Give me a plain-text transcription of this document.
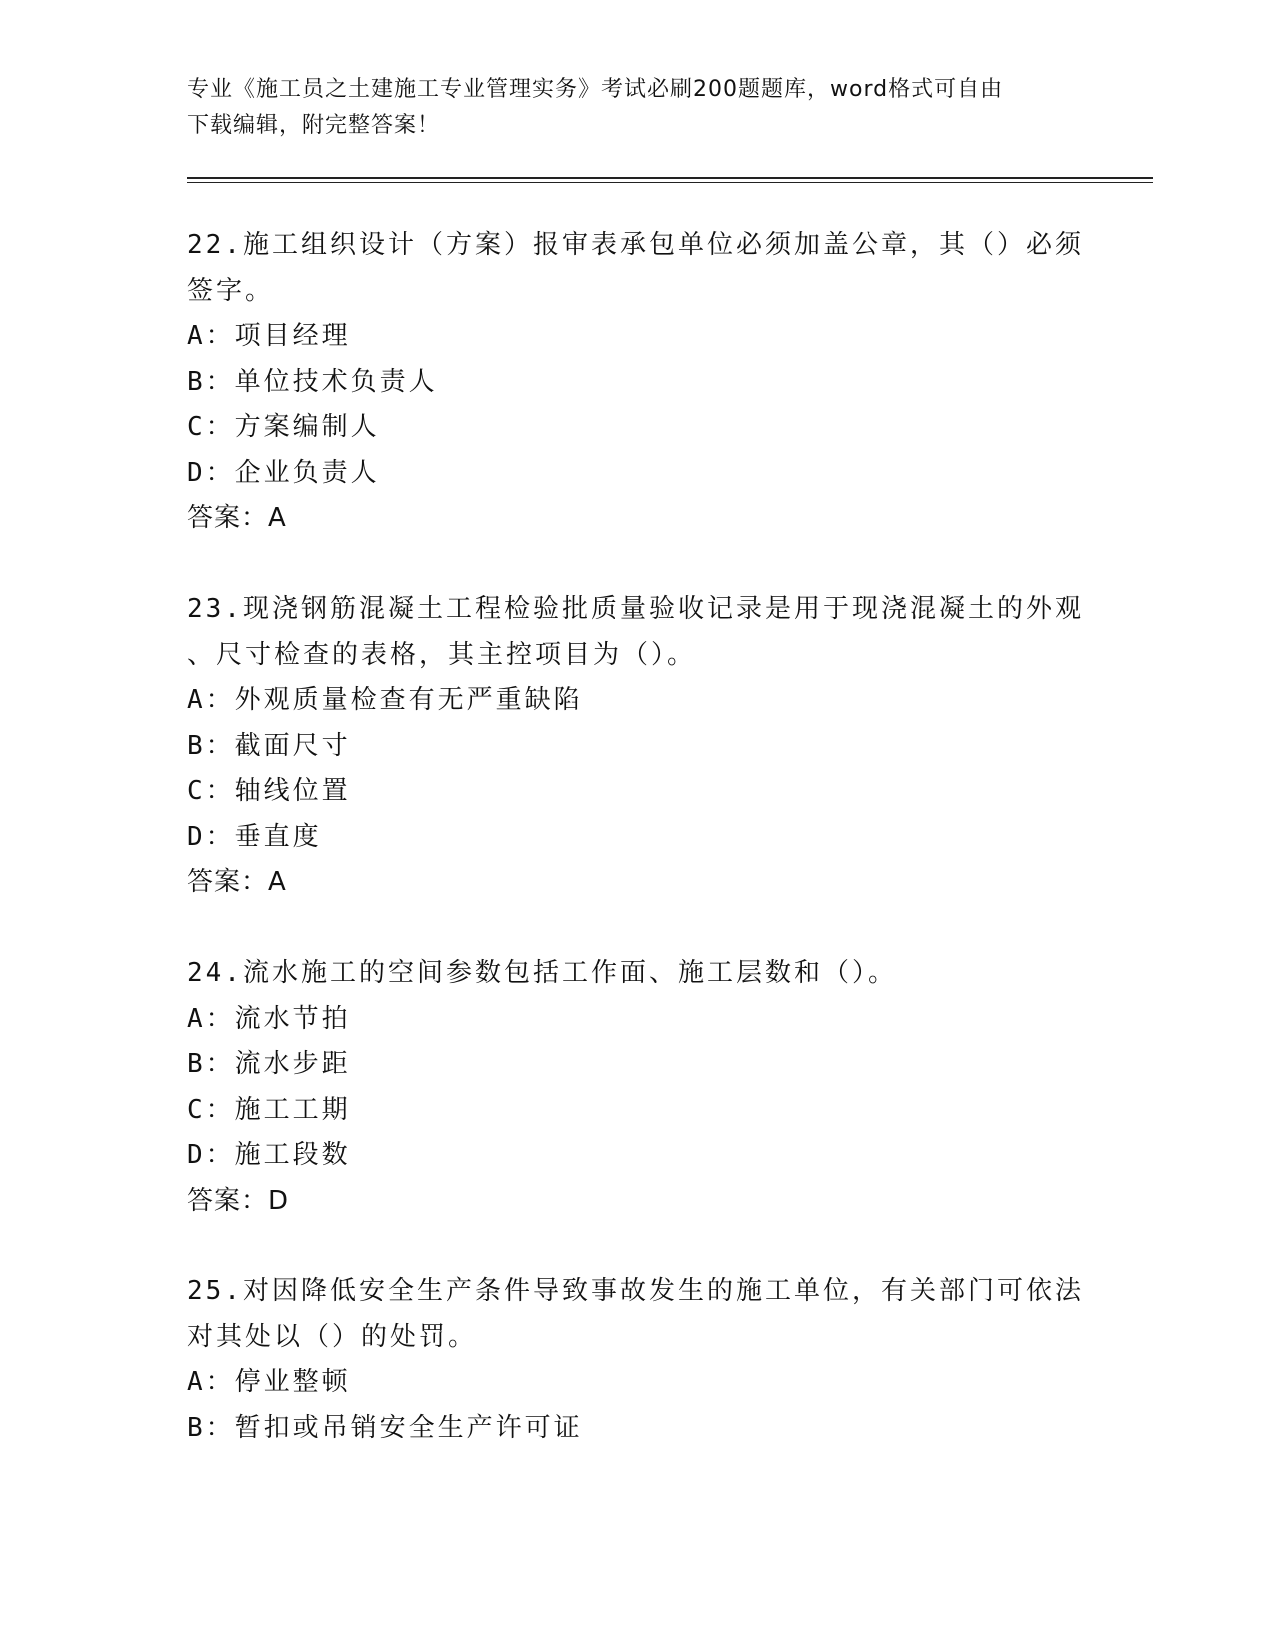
专业《施工员之土建施工专业管理实务》考试必刷200题题库，word格式可自由
下载编辑，附完整答案！
22.施工组织设计（方案）报审表承包单位必须加盖公章，其（）必须
签字。
A：项目经理
B：单位技术负责人
C：方案编制人
D：企业负责人
答案：A
23.现浇钢筋混凝土工程检验批质量验收记录是用于现浇混凝土的外观
、尺寸检查的表格，其主控项目为（）。
A：外观质量检查有无严重缺陷
B：截面尺寸
C：轴线位置
D：垂直度
答案：A
24.流水施工的空间参数包括工作面、施工层数和（）。
A：流水节拍
B：流水步距
C：施工工期
D：施工段数
答案：D
25.对因降低安全生产条件导致事故发生的施工单位，有关部门可依法
对其处以（）的处罚。
A：停业整顿
B：暂扣或吊销安全生产许可证
